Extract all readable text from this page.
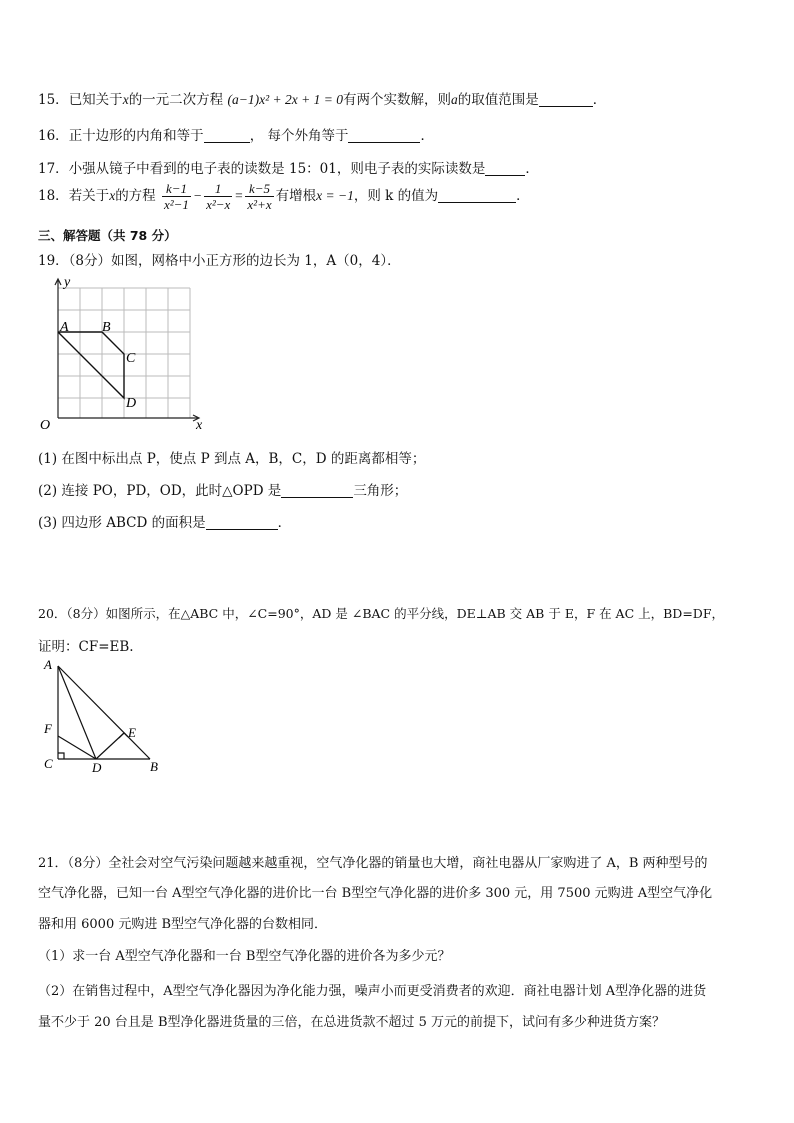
15．已知关于x的一元二次方程 (a−1)x² + 2x + 1 = 0有两个实数解，则a的取值范围是	．
16．正十边形的内角和等于	， 每个外角等于	．
17．小强从镜子中看到的电子表的读数是 15：01，则电子表的实际读数是	．
18．若关于x的方程 $\frac{k-1}{\text{x²−1}} - \frac{1}{\text{x²−x}} = \frac{k-5}{\text{x²+x}}$ 有增根x = −1，则 k 的值为	．
三、解答题（共 78 分）
19．（8分）如图，网格中小正方形的边长为 1，A（0，4）．
y
x
O
A B
C
D
(1) 在图中标出点 P，使点 P 到点 A，B，C，D 的距离都相等；
(2) 连接 PO，PD，OD，此时△OPD 是	三角形；
(3) 四边形 ABCD 的面积是	．
20．（8分）如图所示，在△ABC 中，∠C=90°，AD 是 ∠BAC 的平分线，DE⊥AB 交 AB 于 E，F 在 AC 上，BD=DF，
证明：CF=EB.
A
F
C	D	B
E
21．（8分）全社会对空气污染问题越来越重视，空气净化器的销量也大增，商社电器从厂家购进了 A，B 两种型号的
空气净化器，已知一台 A型空气净化器的进价比一台 B型空气净化器的进价多 300 元，用 7500 元购进 A型空气净化
器和用 6000 元购进 B型空气净化器的台数相同．
（1）求一台 A型空气净化器和一台 B型空气净化器的进价各为多少元？
（2）在销售过程中，A型空气净化器因为净化能力强，噪声小而更受消费者的欢迎．商社电器计划 A型净化器的进货
量不少于 20 台且是 B型净化器进货量的三倍，在总进货款不超过 5 万元的前提下，试问有多少种进货方案？
